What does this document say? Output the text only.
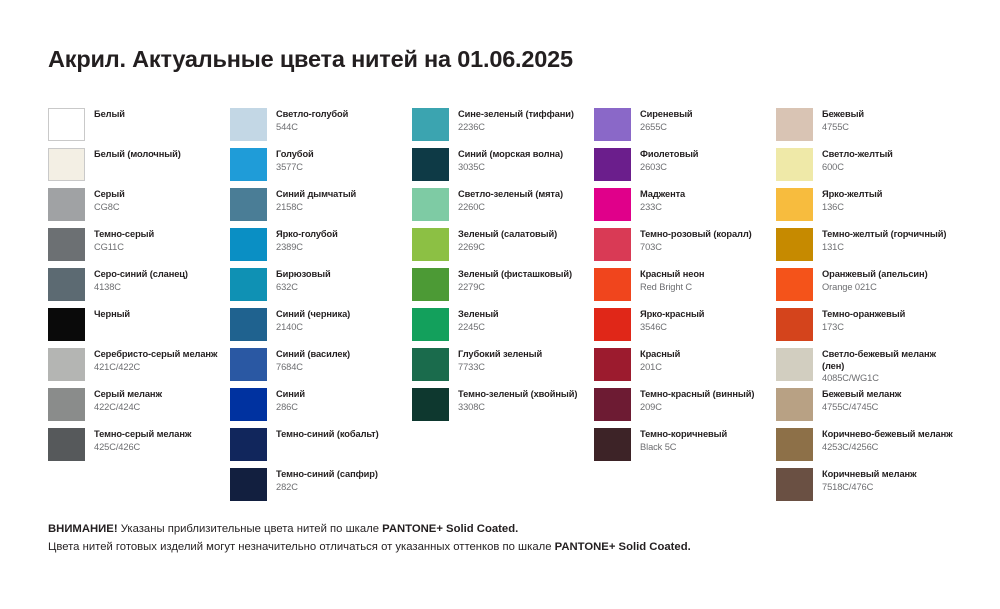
Акрил. Актуальные цвета нитей на 01.06.2025
Белый
Белый (молочный)
Серый
CG8C
Темно-серый
CG11C
Серо-синий (сланец)
4138C
Черный
Серебристо-серый меланж
421C/422C
Серый меланж
422C/424C
Темно-серый меланж
425C/426C
Светло-голубой
544C
Голубой
3577C
Синий дымчатый
2158C
Ярко-голубой
2389C
Бирюзовый
632C
Синий (черника)
2140C
Синий (василек)
7684C
Синий
286C
Темно-синий (кобальт)
Темно-синий (сапфир)
282C
Сине-зеленый (тиффани)
2236C
Синий (морская волна)
3035C
Светло-зеленый (мята)
2260C
Зеленый (салатовый)
2269C
Зеленый (фисташковый)
2279C
Зеленый
2245C
Глубокий зеленый
7733C
Темно-зеленый (хвойный)
3308C
Сиреневый
2655C
Фиолетовый
2603C
Маджента
233C
Темно-розовый (коралл)
703C
Красный неон
Red Bright C
Ярко-красный
3546C
Красный
201C
Темно-красный (винный)
209C
Темно-коричневый
Black 5C
Бежевый
4755C
Светло-желтый
600C
Ярко-желтый
136C
Темно-желтый (горчичный)
131C
Оранжевый (апельсин)
Orange 021C
Темно-оранжевый
173C
Светло-бежевый меланж (лен)
4085C/WG1C
Бежевый меланж
4755C/4745C
Коричнево-бежевый меланж
4253C/4256C
Коричневый меланж
7518C/476C
ВНИМАНИЕ! Указаны приблизительные цвета нитей по шкале PANTONE+ Solid Coated.
Цвета нитей готовых изделий могут незначительно отличаться от указанных оттенков по шкале PANTONE+ Solid Coated.
